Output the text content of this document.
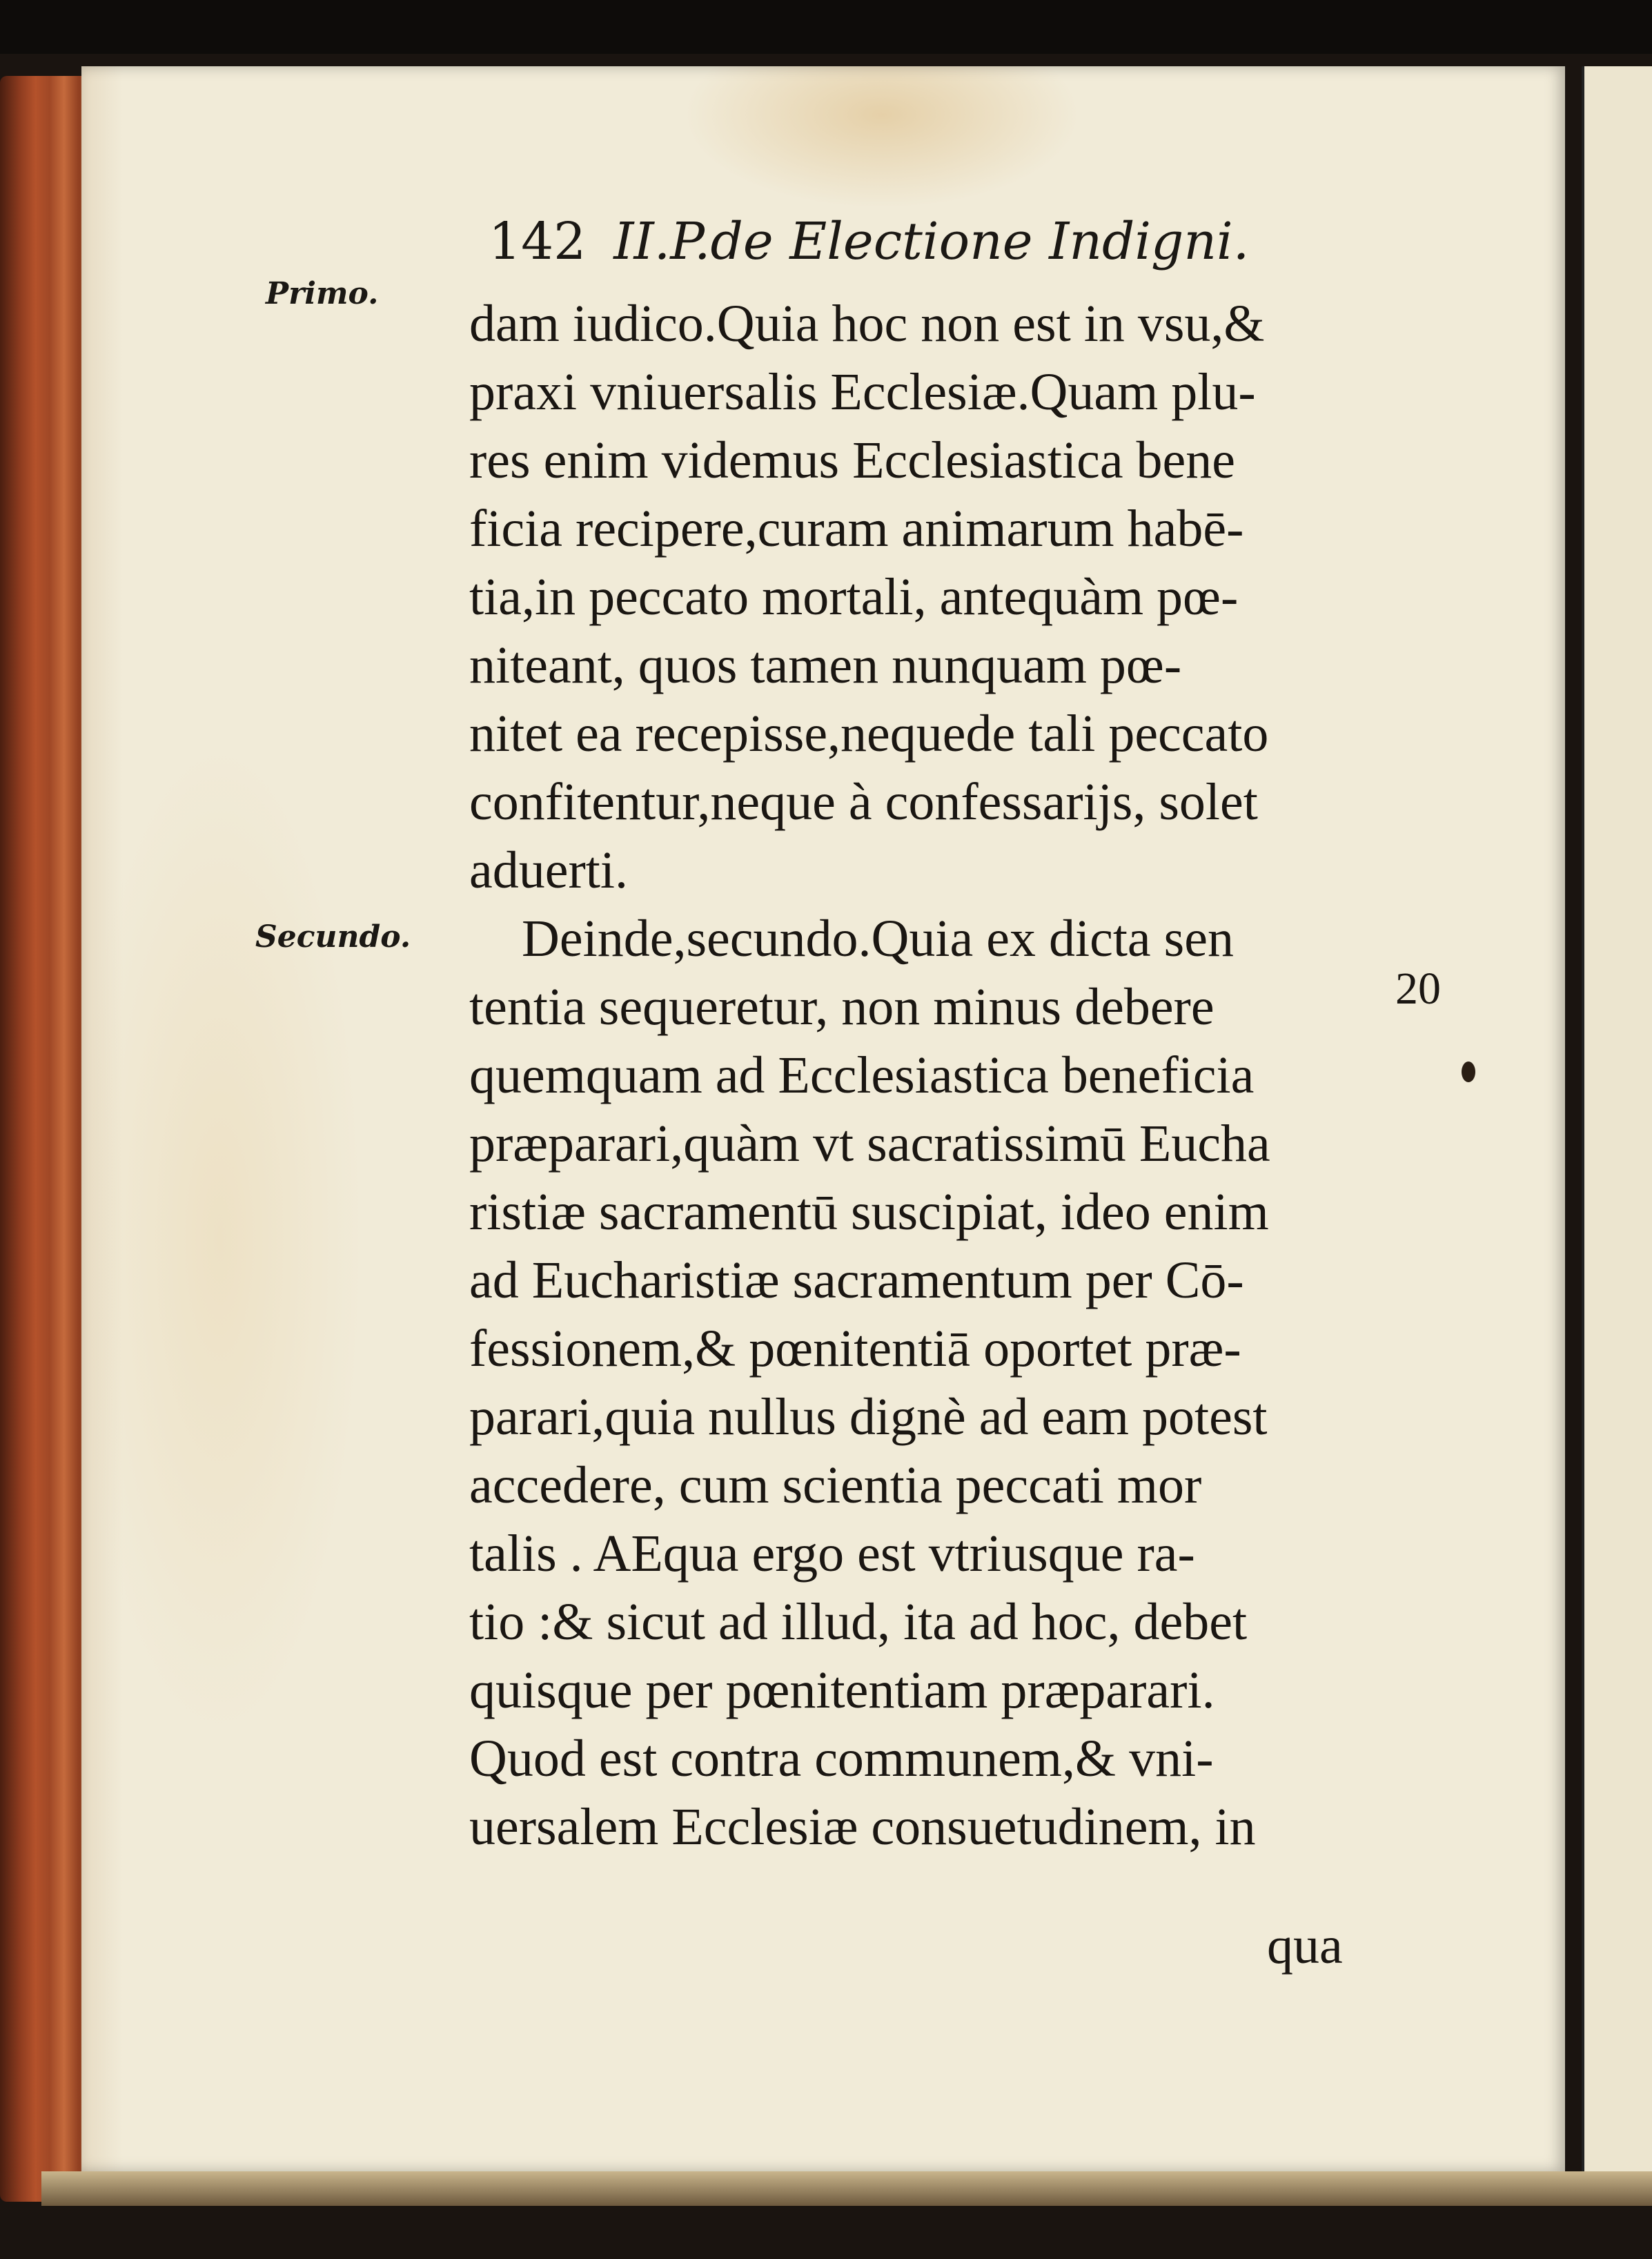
142 II.P.de Electione Indigni.
Primo.
Secundo.
20
dam iudico.Quia hoc non est in vsu,&
praxi vniuersalis Ecclesiæ.Quam plu-
res enim videmus Ecclesiastica bene
ficia recipere,curam animarum habē-
tia,in peccato mortali, antequàm pœ-
niteant, quos tamen nunquam pœ-
nitet ea recepisse,nequede tali peccato
confitentur,neque à confessarijs, solet
aduerti.
Deinde,secundo.Quia ex dicta sen
tentia sequeretur, non minus debere
quemquam ad Ecclesiastica beneficia
præparari,quàm vt sacratissimū Eucha
ristiæ sacramentū suscipiat, ideo enim
ad Eucharistiæ sacramentum per Cō-
fessionem,& pœnitentiā oportet præ-
parari,quia nullus dignè ad eam potest
accedere, cum scientia peccati mor
talis . AEqua ergo est vtriusque ra-
tio :& sicut ad illud, ita ad hoc, debet
quisque per pœnitentiam præparari.
Quod est contra communem,& vni-
uersalem Ecclesiæ consuetudinem, in
qua
